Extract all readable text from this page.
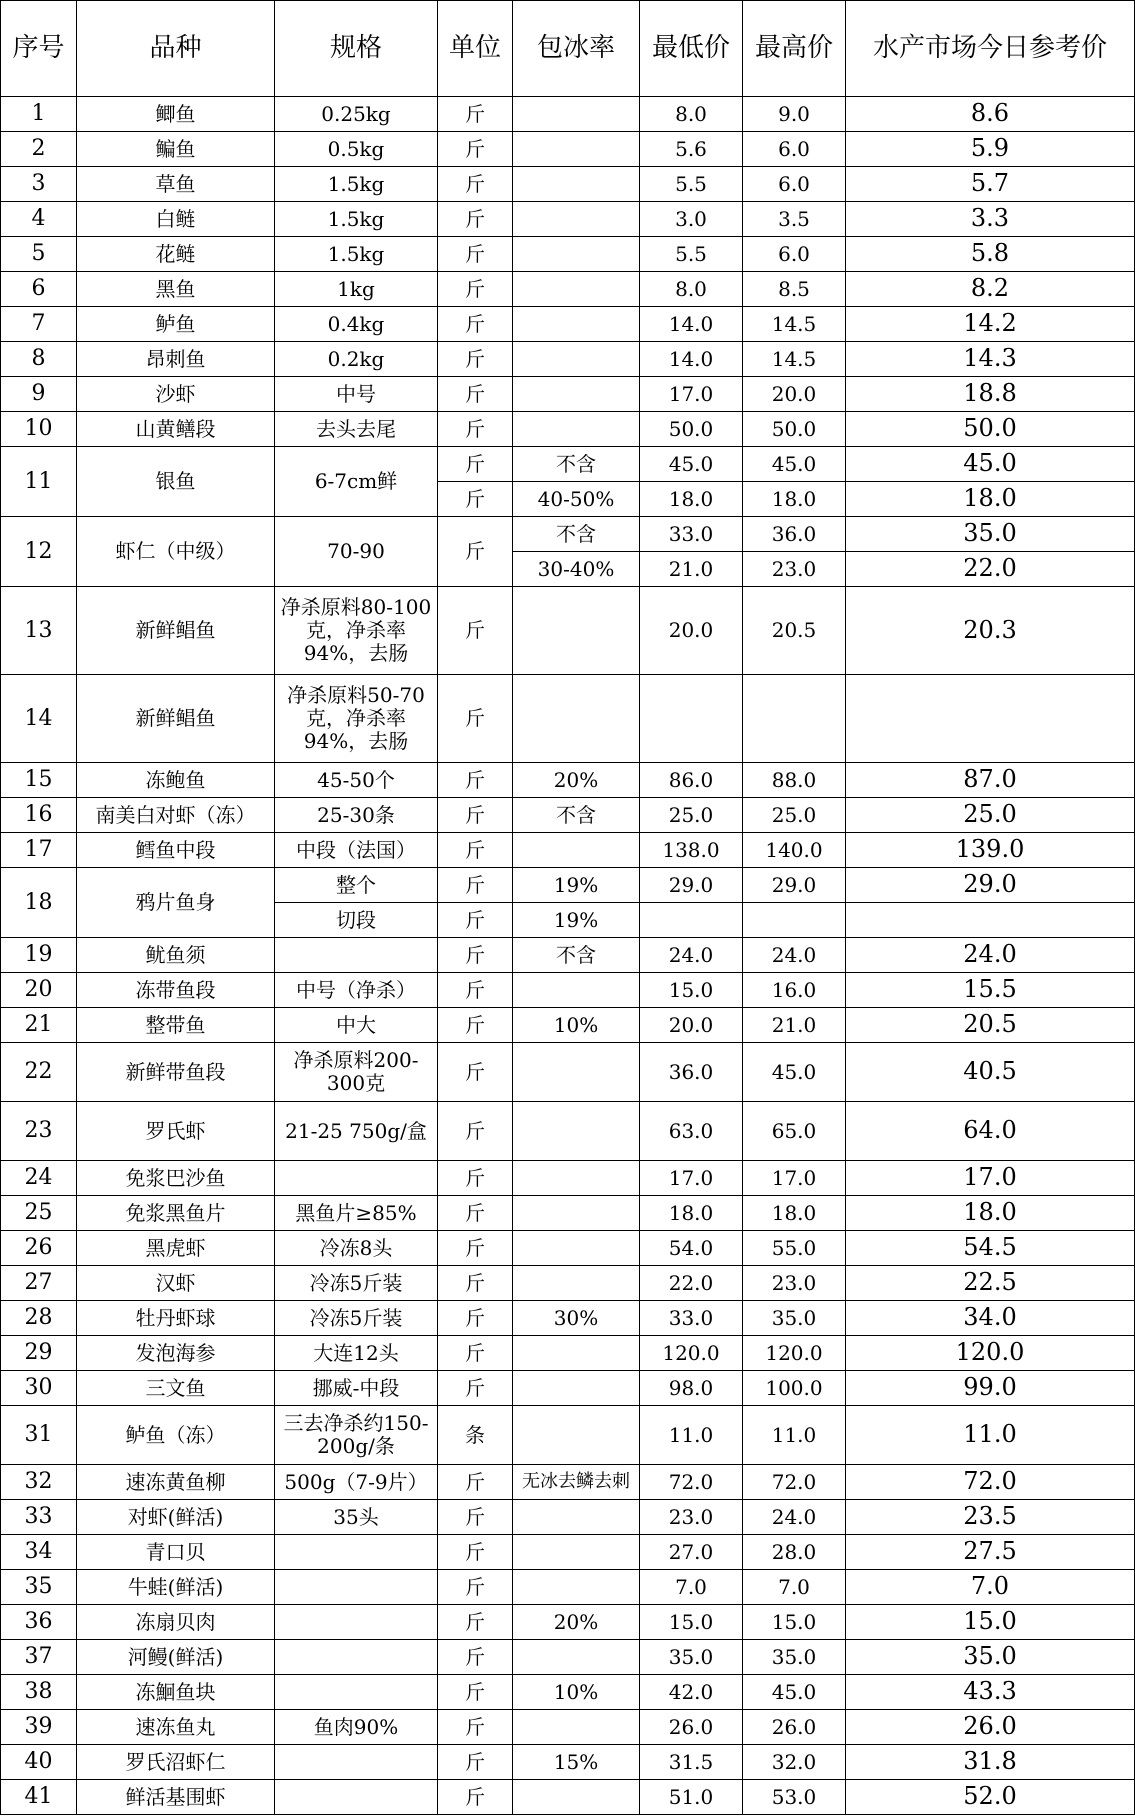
序号	品种	规格	单位	包冰率	最低价	最高价	水产市场今日参考价
1	鲫鱼	0.25kg	斤		8.0	9.0	8.6
2	鳊鱼	0.5kg	斤		5.6	6.0	5.9
3	草鱼	1.5kg	斤		5.5	6.0	5.7
4	白鲢	1.5kg	斤		3.0	3.5	3.3
5	花鲢	1.5kg	斤		5.5	6.0	5.8
6	黑鱼	1kg	斤		8.0	8.5	8.2
7	鲈鱼	0.4kg	斤		14.0	14.5	14.2
8	昂刺鱼	0.2kg	斤		14.0	14.5	14.3
9	沙虾	中号	斤		17.0	20.0	18.8
10	山黄鳝段	去头去尾	斤		50.0	50.0	50.0
11	银鱼	6-7cm鲜	斤	不含	45.0	45.0	45.0
			斤	40-50%	18.0	18.0	18.0
12	虾仁（中级）	70-90	斤	不含	33.0	36.0	35.0
				30-40%	21.0	23.0	22.0
13	新鲜鲳鱼	净杀原料80-100克，净杀率94%，去肠	斤		20.0	20.5	20.3
14	新鲜鲳鱼	净杀原料50-70克，净杀率94%，去肠	斤				
15	冻鲍鱼	45-50个	斤	20%	86.0	88.0	87.0
16	南美白对虾（冻）	25-30条	斤	不含	25.0	25.0	25.0
17	鳕鱼中段	中段（法国）	斤		138.0	140.0	139.0
18	鸦片鱼身	整个	斤	19%	29.0	29.0	29.0
		切段	斤	19%			
19	鱿鱼须		斤	不含	24.0	24.0	24.0
20	冻带鱼段	中号（净杀）	斤		15.0	16.0	15.5
21	整带鱼	中大	斤	10%	20.0	21.0	20.5
22	新鲜带鱼段	净杀原料200-300克	斤		36.0	45.0	40.5
23	罗氏虾	21-25 750g/盒	斤		63.0	65.0	64.0
24	免浆巴沙鱼		斤		17.0	17.0	17.0
25	免浆黑鱼片	黑鱼片≥85%	斤		18.0	18.0	18.0
26	黑虎虾	冷冻8头	斤		54.0	55.0	54.5
27	汉虾	冷冻5斤装	斤		22.0	23.0	22.5
28	牡丹虾球	冷冻5斤装	斤	30%	33.0	35.0	34.0
29	发泡海参	大连12头	斤		120.0	120.0	120.0
30	三文鱼	挪威-中段	斤		98.0	100.0	99.0
31	鲈鱼（冻）	三去净杀约150-200g/条	条		11.0	11.0	11.0
32	速冻黄鱼柳	500g（7-9片）	斤	无冰去鳞去刺	72.0	72.0	72.0
33	对虾(鲜活)	35头	斤		23.0	24.0	23.5
34	青口贝		斤		27.0	28.0	27.5
35	牛蛙(鲜活)		斤		7.0	7.0	7.0
36	冻扇贝肉		斤	20%	15.0	15.0	15.0
37	河鳗(鲜活)		斤		35.0	35.0	35.0
38	冻鮰鱼块		斤	10%	42.0	45.0	43.3
39	速冻鱼丸	鱼肉90%	斤		26.0	26.0	26.0
40	罗氏沼虾仁		斤	15%	31.5	32.0	31.8
41	鲜活基围虾		斤		51.0	53.0	52.0
